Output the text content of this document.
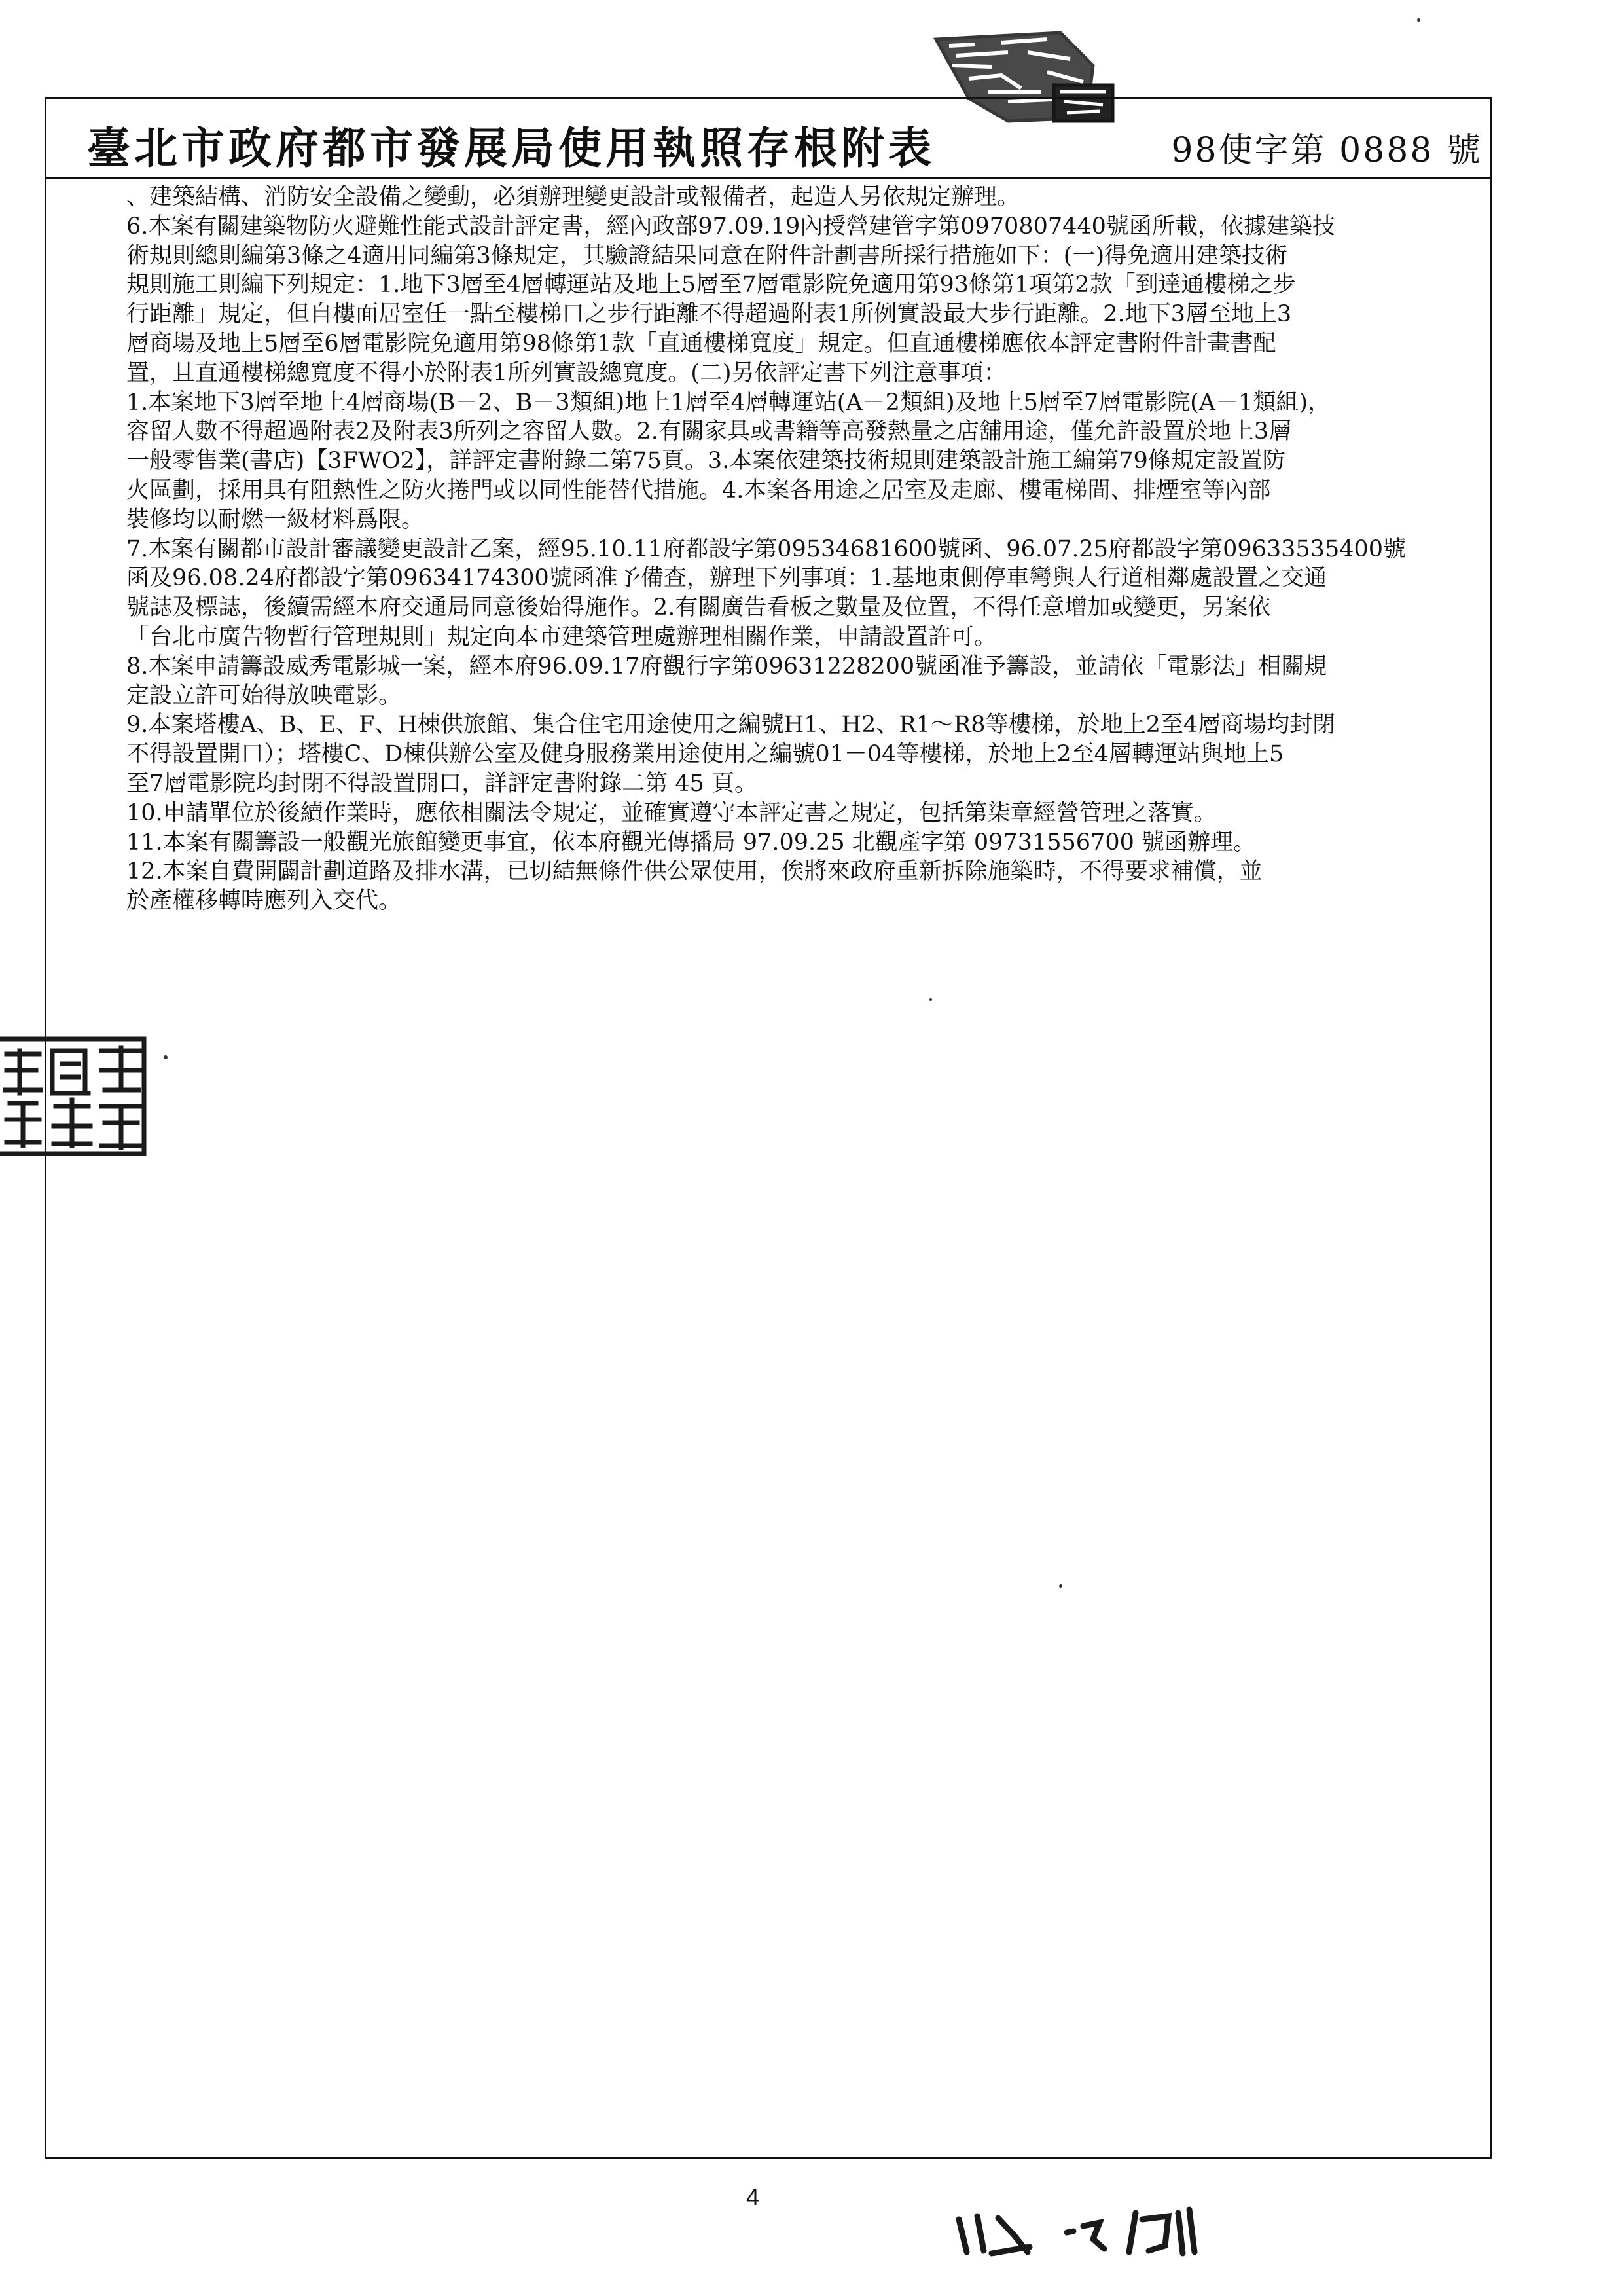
臺北市政府都市發展局使用執照存根附表	98使字第 0888 號
、建築結構、消防安全設備之變動，必須辦理變更設計或報備者，起造人另依規定辦理。
6.本案有關建築物防火避難性能式設計評定書，經內政部97.09.19內授營建管字第0970807440號函所載，依據建築技
術規則總則編第3條之4適用同編第3條規定，其驗證結果同意在附件計劃書所採行措施如下：(一)得免適用建築技術
規則施工則編下列規定：1.地下3層至4層轉運站及地上5層至7層電影院免適用第93條第1項第2款「到達通樓梯之步
行距離」規定，但自樓面居室任一點至樓梯口之步行距離不得超過附表1所例實設最大步行距離。2.地下3層至地上3
層商場及地上5層至6層電影院免適用第98條第1款「直通樓梯寬度」規定。但直通樓梯應依本評定書附件計畫書配
置，且直通樓梯總寬度不得小於附表1所列實設總寬度。(二)另依評定書下列注意事項：
1.本案地下3層至地上4層商場(B－2、B－3類組)地上1層至4層轉運站(A－2類組)及地上5層至7層電影院(A－1類組)，
容留人數不得超過附表2及附表3所列之容留人數。2.有關家具或書籍等高發熱量之店舖用途，僅允許設置於地上3層
一般零售業(書店)【3FWO2】，詳評定書附錄二第75頁。3.本案依建築技術規則建築設計施工編第79條規定設置防
火區劃，採用具有阻熱性之防火捲門或以同性能替代措施。4.本案各用途之居室及走廊、樓電梯間、排煙室等內部
裝修均以耐燃一級材料爲限。
7.本案有關都市設計審議變更設計乙案，經95.10.11府都設字第09534681600號函、96.07.25府都設字第09633535400號
函及96.08.24府都設字第09634174300號函准予備查，辦理下列事項：1.基地東側停車彎與人行道相鄰處設置之交通
號誌及標誌，後續需經本府交通局同意後始得施作。2.有關廣告看板之數量及位置，不得任意增加或變更，另案依
「台北市廣告物暫行管理規則」規定向本市建築管理處辦理相關作業，申請設置許可。
8.本案申請籌設威秀電影城一案，經本府96.09.17府觀行字第09631228200號函准予籌設，並請依「電影法」相關規
定設立許可始得放映電影。
9.本案塔樓A、B、E、F、H棟供旅館、集合住宅用途使用之編號H1、H2、R1～R8等樓梯，於地上2至4層商場均封閉
不得設置開口）；塔樓C、D棟供辦公室及健身服務業用途使用之編號01－04等樓梯，於地上2至4層轉運站與地上5
至7層電影院均封閉不得設置開口，詳評定書附錄二第 45 頁。
10.申請單位於後續作業時，應依相關法令規定，並確實遵守本評定書之規定，包括第柒章經營管理之落實。
11.本案有關籌設一般觀光旅館變更事宜，依本府觀光傳播局 97.09.25 北觀產字第 09731556700 號函辦理。
12.本案自費開闢計劃道路及排水溝，已切結無條件供公眾使用，俟將來政府重新拆除施築時，不得要求補償，並
於產權移轉時應列入交代。
4
